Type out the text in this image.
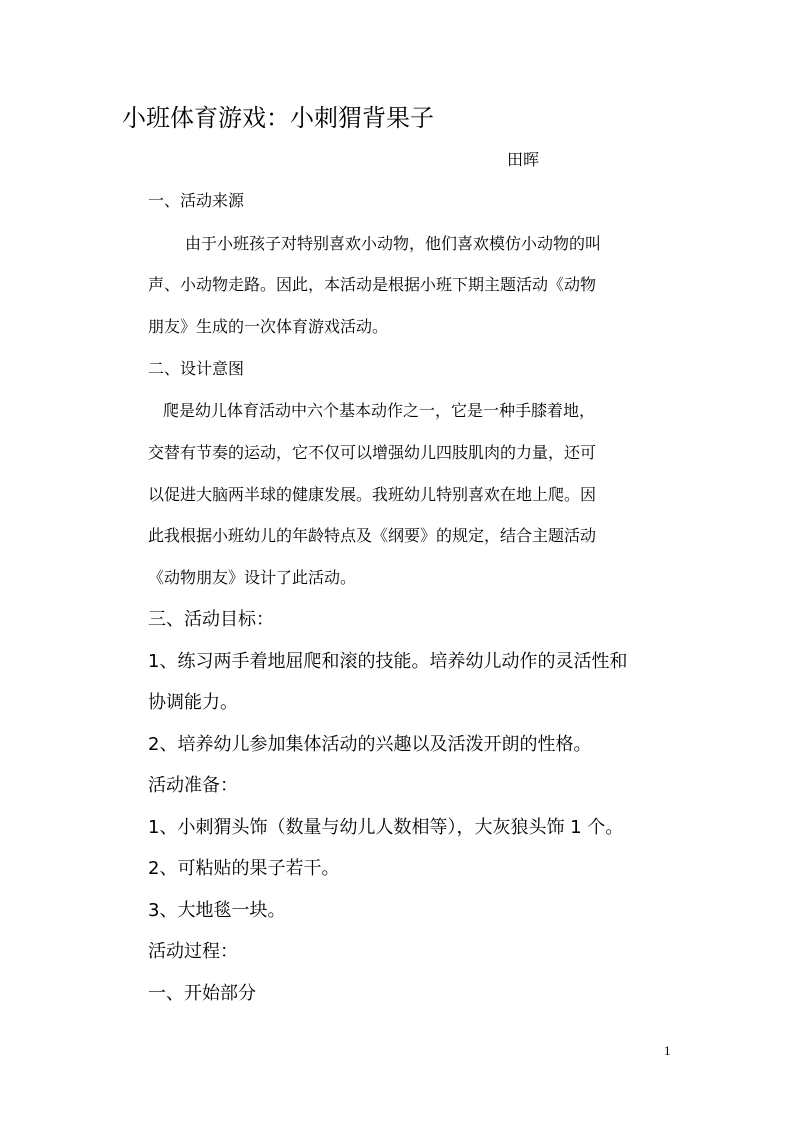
小班体育游戏：小刺猬背果子
田晖
一、活动来源
由于小班孩子对特别喜欢小动物，他们喜欢模仿小动物的叫
声、小动物走路。因此，本活动是根据小班下期主题活动《动物
朋友》生成的一次体育游戏活动。
二、设计意图
爬是幼儿体育活动中六个基本动作之一，它是一种手膝着地，
交替有节奏的运动，它不仅可以增强幼儿四肢肌肉的力量，还可
以促进大脑两半球的健康发展。我班幼儿特别喜欢在地上爬。因
此我根据小班幼儿的年龄特点及《纲要》的规定，结合主题活动
《动物朋友》设计了此活动。
三、活动目标：
1、练习两手着地屈爬和滚的技能。培养幼儿动作的灵活性和
协调能力。
2、培养幼儿参加集体活动的兴趣以及活泼开朗的性格。
活动准备：
1、小刺猬头饰（数量与幼儿人数相等），大灰狼头饰 1 个。
2、可粘贴的果子若干。
3、大地毯一块。
活动过程：
一、开始部分
1
